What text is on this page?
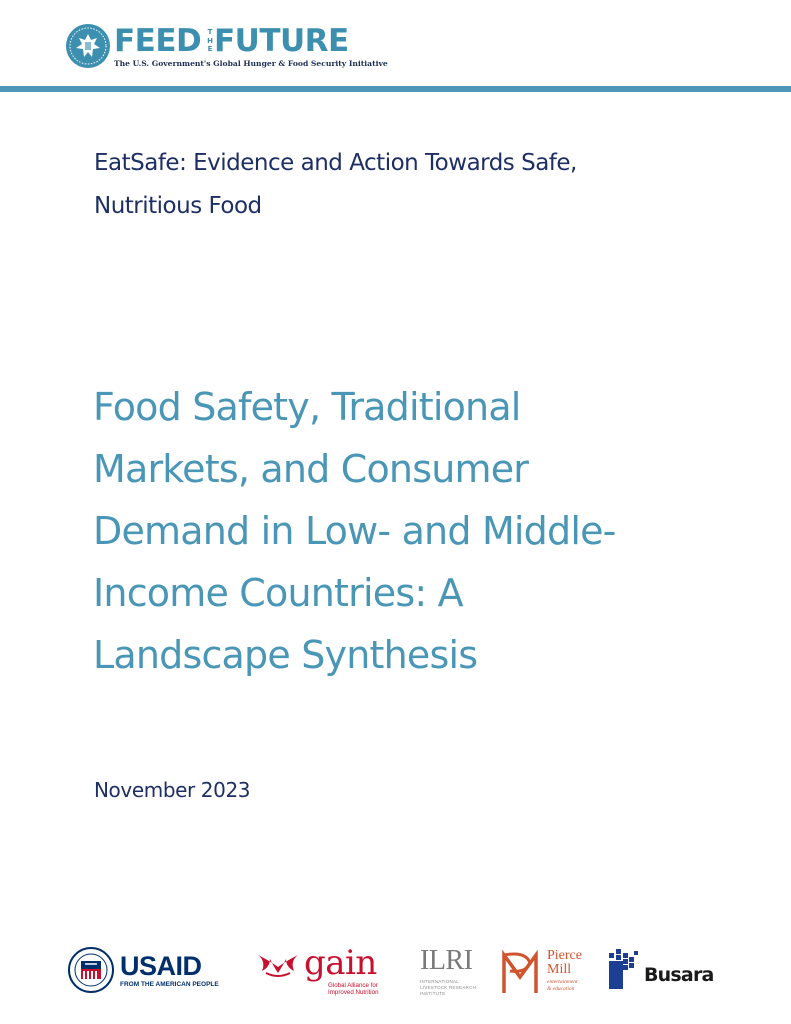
FEED T
H
E FUTURE
The U.S. Government's Global Hunger & Food Security Initiative
EatSafe: Evidence and Action Towards Safe,
Nutritious Food
Food Safety, Traditional
Markets, and Consumer
Demand in Low- and Middle-
Income Countries: A
Landscape Synthesis
November 2023
USAID
FROM THE AMERICAN PEOPLE
gain
Global Alliance for
Improved Nutrition
ILRI
INTERNATIONAL
LIVESTOCK RESEARCH
INSTITUTE
Pierce
Mill
entertainment
& education
Busara
